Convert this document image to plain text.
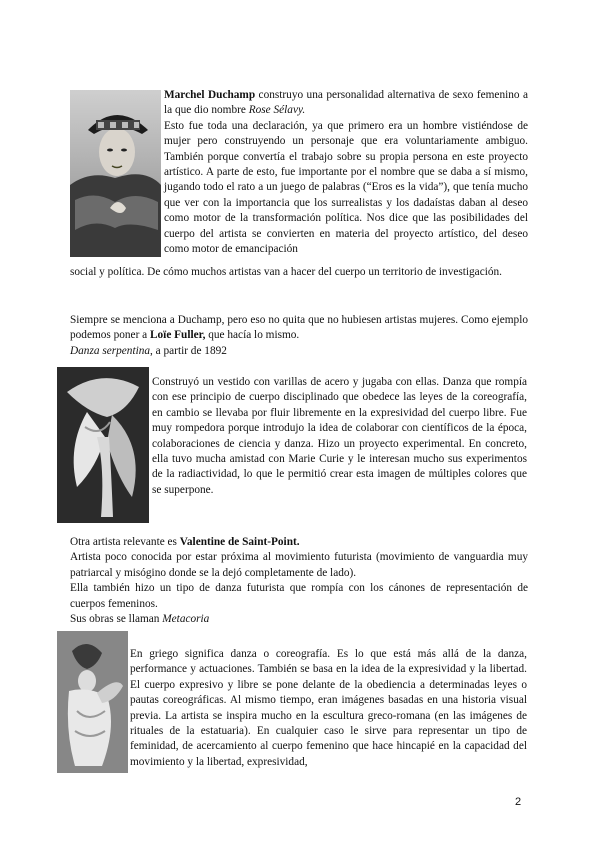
Marchel Duchamp construyo una personalidad alternativa de sexo femenino a la que dio nombre Rose Sélavy.
Esto fue toda una declaración, ya que primero era un hombre vistiéndose de mujer pero construyendo un personaje que era voluntariamente ambiguo. También porque convertía el trabajo sobre su propia persona en este proyecto artístico. A parte de esto, fue importante por el nombre que se daba a sí mismo, jugando todo el rato a un juego de palabras (“Eros es la vida”), que tenía mucho que ver con la importancia que los surrealistas y los dadaístas daban al deseo como motor de la transformación política. Nos dice que las posibilidades del cuerpo del artista se convierten en materia del proyecto artístico, del deseo como motor de emancipación
social y política. De cómo muchos artistas van a hacer del cuerpo un territorio de investigación.
Siempre se menciona a Duchamp, pero eso no quita que no hubiesen artistas mujeres. Como ejemplo podemos poner a Loïe Fuller, que hacía lo mismo.
Danza serpentina, a partir de 1892
Construyó un vestido con varillas de acero y jugaba con ellas. Danza que rompía con ese principio de cuerpo disciplinado que obedece las leyes de la coreografía, en cambio se llevaba por fluir libremente en la expresividad del cuerpo libre. Fue muy rompedora porque introdujo la idea de colaborar con científicos de la época, colaboraciones de ciencia y danza. Hizo un proyecto experimental. En concreto, ella tuvo mucha amistad con Marie Curie y le interesan mucho sus experimentos de la radiactividad, lo que le permitió crear esta imagen de múltiples colores que se superpone.
Otra artista relevante es Valentine de Saint-Point.
Artista poco conocida por estar próxima al movimiento futurista (movimiento de vanguardia muy patriarcal y misógino donde se la dejó completamente de lado).
Ella también hizo un tipo de danza futurista que rompía con los cánones de representación de cuerpos femeninos.
Sus obras se llaman Metacoria
En griego significa danza o coreografía. Es lo que está más allá de la danza, performance y actuaciones. También se basa en la idea de la expresividad y la libertad. El cuerpo expresivo y libre se pone delante de la obediencia a determinadas leyes o pautas coreográficas. Al mismo tiempo, eran imágenes basadas en una historia visual previa. La artista se inspira mucho en la escultura greco-romana (en las imágenes de rituales de la estatuaria). En cualquier caso le sirve para representar un tipo de feminidad, de acercamiento al cuerpo femenino que hace hincapié en la capacidad del movimiento y la libertad, expresividad,
2
